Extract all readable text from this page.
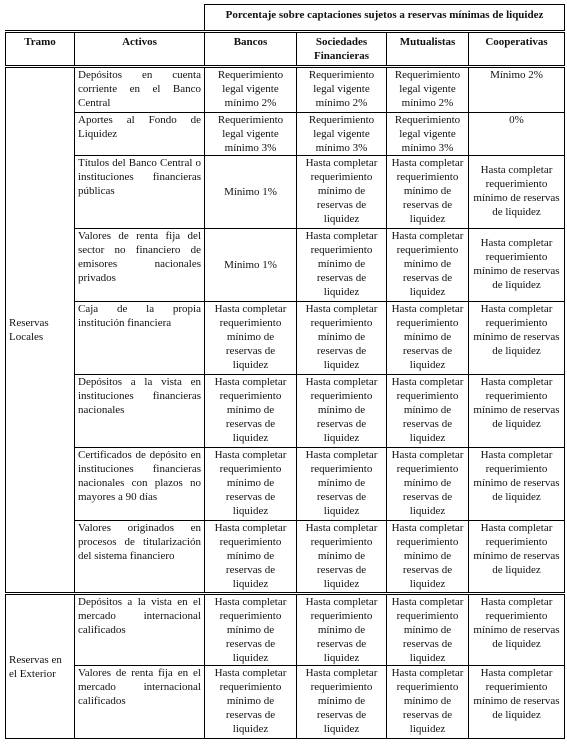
		Porcentaje sobre captaciones sujetos a reservas mínimas de liquidez			
Tramo	Activos	Bancos	Sociedades Financieras	Mutualistas	Cooperativas
Reservas Locales	Depósitos en cuenta corriente en el Banco Central	Requerimiento legal vigente mínimo 2%	Requerimiento legal vigente mínimo 2%	Requerimiento legal vigente mínimo 2%	Mínimo 2%
	Aportes al Fondo de Liquidez	Requerimiento legal vigente mínimo 3%	Requerimiento legal vigente mínimo 3%	Requerimiento legal vigente mínimo 3%	0%
	Títulos del Banco Central o instituciones financieras públicas	Mínimo 1%	Hasta completar requerimiento mínimo de reservas de liquidez	Hasta completar requerimiento mínimo de reservas de liquidez	Hasta completar requerimiento mínimo de reservas de liquidez
	Valores de renta fija del sector no financiero de emisores nacionales privados	Mínimo 1%	Hasta completar requerimiento mínimo de reservas de liquidez	Hasta completar requerimiento mínimo de reservas de liquidez	Hasta completar requerimiento mínimo de reservas de liquidez
	Caja de la propia institución financiera	Hasta completar requerimiento mínimo de reservas de liquidez	Hasta completar requerimiento mínimo de reservas de liquidez	Hasta completar requerimiento mínimo de reservas de liquidez	Hasta completar requerimiento mínimo de reservas de liquidez
	Depósitos a la vista en instituciones financieras nacionales	Hasta completar requerimiento mínimo de reservas de liquidez	Hasta completar requerimiento mínimo de reservas de liquidez	Hasta completar requerimiento mínimo de reservas de liquidez	Hasta completar requerimiento mínimo de reservas de liquidez
	Certificados de depósito en instituciones financieras nacionales con plazos no mayores a 90 días	Hasta completar requerimiento mínimo de reservas de liquidez	Hasta completar requerimiento mínimo de reservas de liquidez	Hasta completar requerimiento mínimo de reservas de liquidez	Hasta completar requerimiento mínimo de reservas de liquidez
	Valores originados en procesos de titularización del sistema financiero	Hasta completar requerimiento mínimo de reservas de liquidez	Hasta completar requerimiento mínimo de reservas de liquidez	Hasta completar requerimiento mínimo de reservas de liquidez	Hasta completar requerimiento mínimo de reservas de liquidez
Reservas en el Exterior	Depósitos a la vista en el mercado internacional calificados	Hasta completar requerimiento mínimo de reservas de liquidez	Hasta completar requerimiento mínimo de reservas de liquidez	Hasta completar requerimiento mínimo de reservas de liquidez	Hasta completar requerimiento mínimo de reservas de liquidez
	Valores de renta fija en el mercado internacional calificados	Hasta completar requerimiento mínimo de reservas de liquidez	Hasta completar requerimiento mínimo de reservas de liquidez	Hasta completar requerimiento mínimo de reservas de liquidez	Hasta completar requerimiento mínimo de reservas de liquidez
